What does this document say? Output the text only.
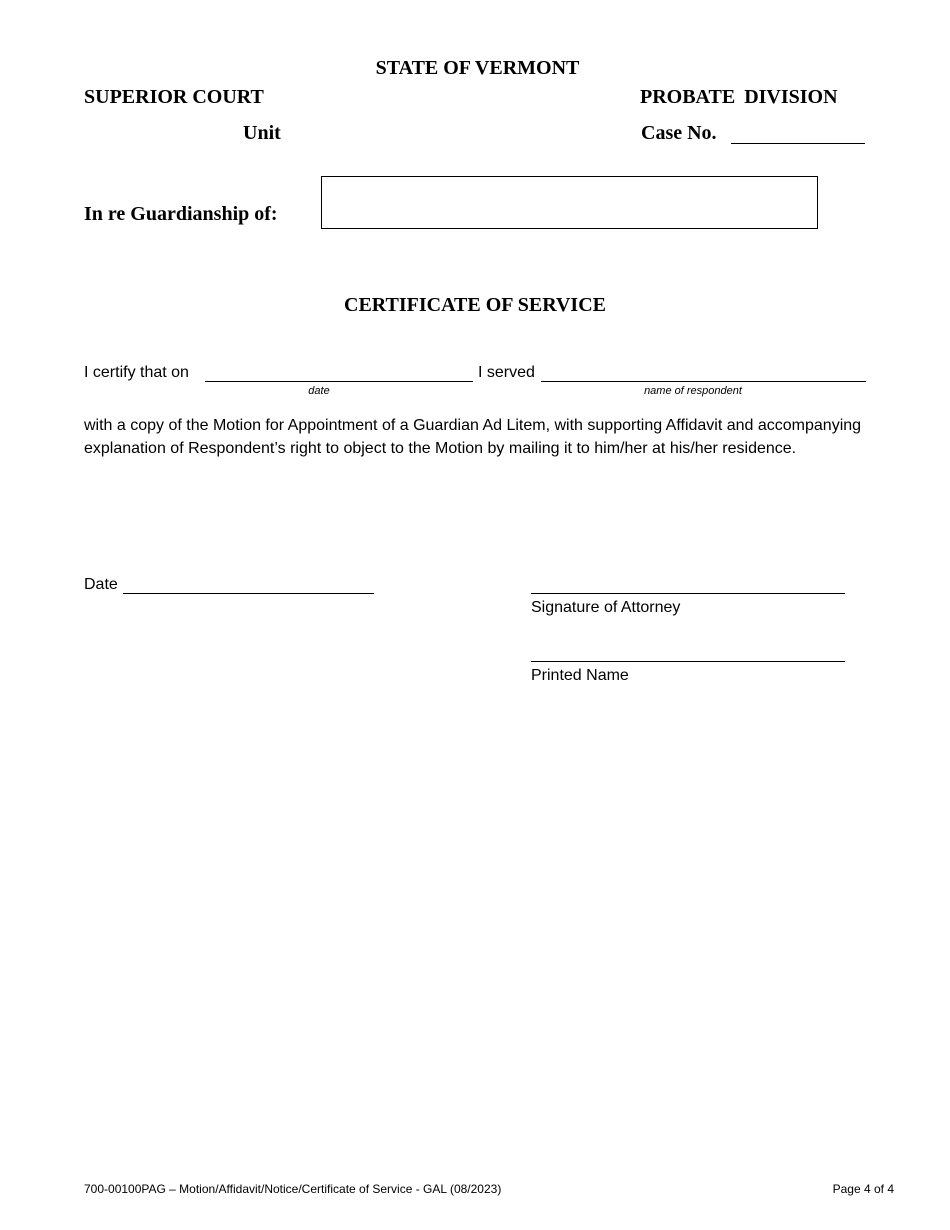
STATE OF VERMONT
SUPERIOR COURT	PROBATE DIVISION
Unit	Case No.
In re Guardianship of:
CERTIFICATE OF SERVICE
I certify that on	I served
date	name of respondent
with a copy of the Motion for Appointment of a Guardian Ad Litem, with supporting Affidavit and accompanying explanation of Respondent’s right to object to the Motion by mailing it to him/her at his/her residence.
Date
Signature of Attorney
Printed Name
700-00100PAG – Motion/Affidavit/Notice/Certificate of Service - GAL (08/2023)	Page 4 of 4
